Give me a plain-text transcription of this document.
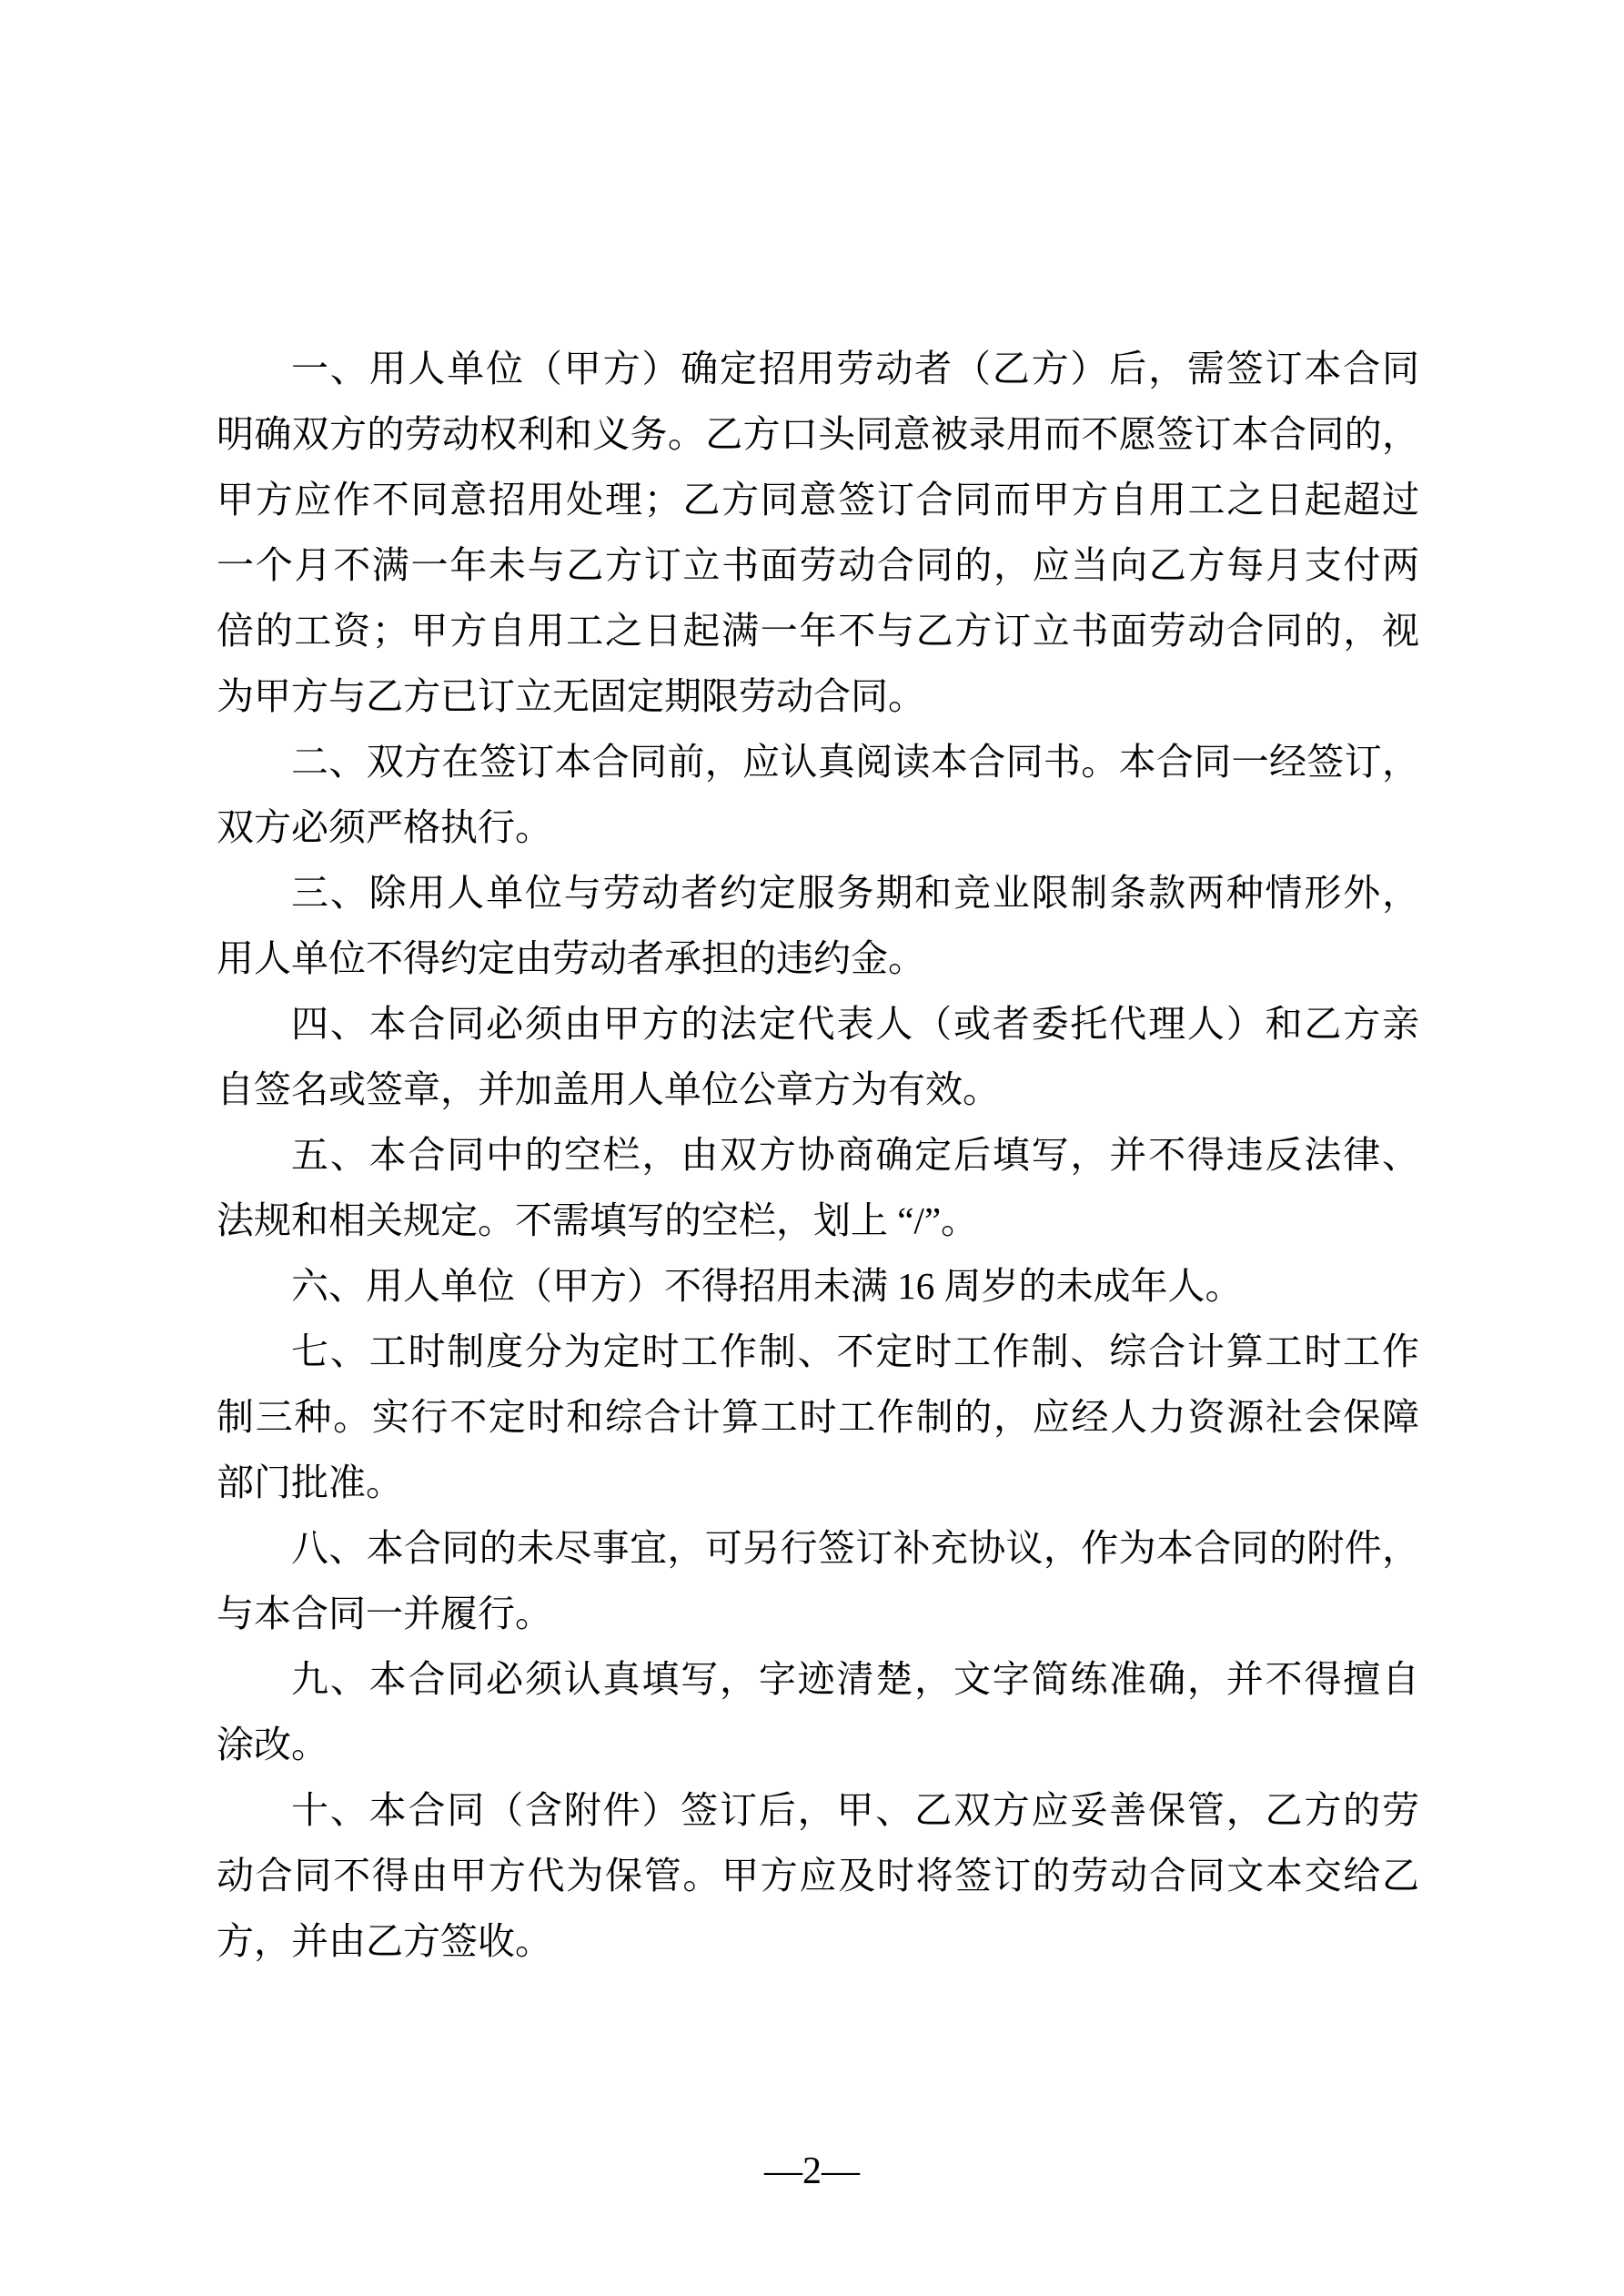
一、用人单位（甲方）确定招用劳动者（乙方）后，需签订本合同
明确双方的劳动权利和义务。乙方口头同意被录用而不愿签订本合同的，
甲方应作不同意招用处理；乙方同意签订合同而甲方自用工之日起超过
一个月不满一年未与乙方订立书面劳动合同的，应当向乙方每月支付两
倍的工资；甲方自用工之日起满一年不与乙方订立书面劳动合同的，视
为甲方与乙方已订立无固定期限劳动合同。
二、双方在签订本合同前，应认真阅读本合同书。本合同一经签订，
双方必须严格执行。
三、除用人单位与劳动者约定服务期和竞业限制条款两种情形外，
用人单位不得约定由劳动者承担的违约金。
四、本合同必须由甲方的法定代表人（或者委托代理人）和乙方亲
自签名或签章，并加盖用人单位公章方为有效。
五、本合同中的空栏，由双方协商确定后填写，并不得违反法律、
法规和相关规定。不需填写的空栏，划上 “/”。
六、用人单位（甲方）不得招用未满 16 周岁的未成年人。
七、工时制度分为定时工作制、不定时工作制、综合计算工时工作
制三种。实行不定时和综合计算工时工作制的，应经人力资源社会保障
部门批准。
八、本合同的未尽事宜，可另行签订补充协议，作为本合同的附件，
与本合同一并履行。
九、本合同必须认真填写，字迹清楚，文字简练准确，并不得擅自
涂改。
十、本合同（含附件）签订后，甲、乙双方应妥善保管，乙方的劳
动合同不得由甲方代为保管。甲方应及时将签订的劳动合同文本交给乙
方，并由乙方签收。
—2—
